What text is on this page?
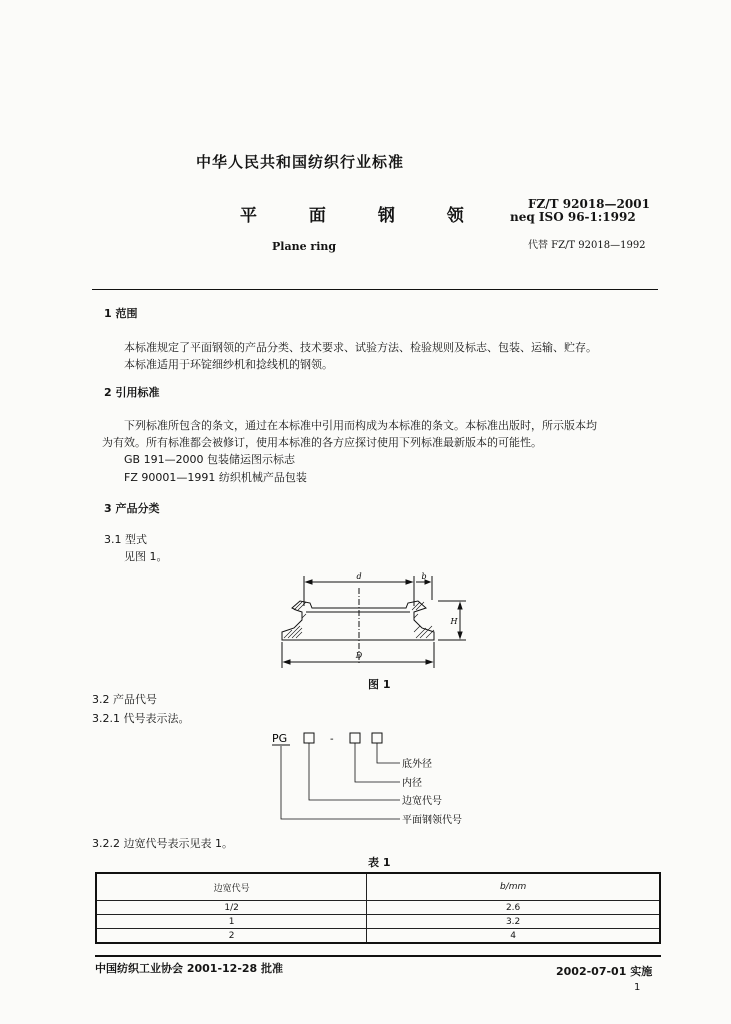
中华人民共和国纺织行业标准
平 面 钢 领
Plane ring
FZ/T 92018—2001
neq ISO 96-1:1992
代替 FZ/T 92018—1992
1 范围
本标准规定了平面钢领的产品分类、技术要求、试验方法、检验规则及标志、包装、运输、贮存。
本标准适用于环锭细纱机和捻线机的钢领。
2 引用标准
下列标准所包含的条文，通过在本标准中引用而构成为本标准的条文。本标准出版时，所示版本均
为有效。所有标准都会被修订，使用本标准的各方应探讨使用下列标准最新版本的可能性。
GB 191—2000 包装储运图示标志
FZ 90001—1991 纺织机械产品包装
3 产品分类
3.1 型式
见图 1。
d	b
H
D
图 1
3.2 产品代号
3.2.1 代号表示法。
PG	-
底外径
内径
边宽代号
平面钢领代号
3.2.2 边宽代号表示见表 1。
表 1
边宽代号	b/mm
1/2	2.6
1	3.2
2	4
中国纺织工业协会 2001-12-28 批准	2002-07-01 实施
1
